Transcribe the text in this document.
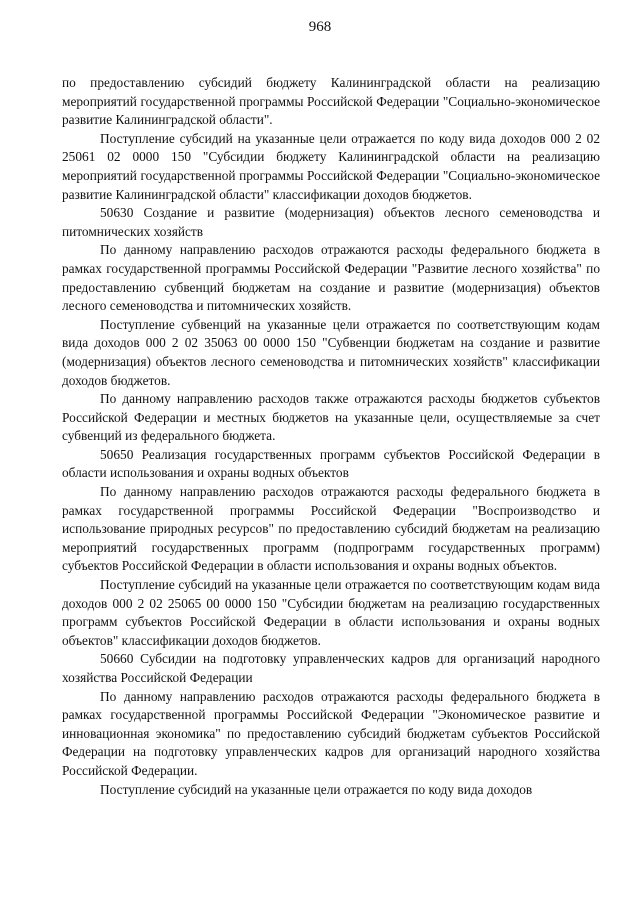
968

по предоставлению субсидий бюджету Калининградской области на реализацию мероприятий государственной программы Российской Федерации "Социально-экономическое развитие Калининградской области".

Поступление субсидий на указанные цели отражается по коду вида доходов 000 2 02 25061 02 0000 150 "Субсидии бюджету Калининградской области на реализацию мероприятий государственной программы Российской Федерации "Социально-экономическое развитие Калининградской области" классификации доходов бюджетов.

50630 Создание и развитие (модернизация) объектов лесного семеноводства и питомнических хозяйств

По данному направлению расходов отражаются расходы федерального бюджета в рамках государственной программы Российской Федерации "Развитие лесного хозяйства" по предоставлению субвенций бюджетам на создание и развитие (модернизация) объектов лесного семеноводства и питомнических хозяйств.

Поступление субвенций на указанные цели отражается по соответствующим кодам вида доходов 000 2 02 35063 00 0000 150 "Субвенции бюджетам на создание и развитие (модернизация) объектов лесного семеноводства и питомнических хозяйств" классификации доходов бюджетов.

По данному направлению расходов также отражаются расходы бюджетов субъектов Российской Федерации и местных бюджетов на указанные цели, осуществляемые за счет субвенций из федерального бюджета.

50650 Реализация государственных программ субъектов Российской Федерации в области использования и охраны водных объектов

По данному направлению расходов отражаются расходы федерального бюджета в рамках государственной программы Российской Федерации "Воспроизводство и использование природных ресурсов" по предоставлению субсидий бюджетам на реализацию мероприятий государственных программ (подпрограмм государственных программ) субъектов Российской Федерации в области использования и охраны водных объектов.

Поступление субсидий на указанные цели отражается по соответствующим кодам вида доходов 000 2 02 25065 00 0000 150 "Субсидии бюджетам на реализацию государственных программ субъектов Российской Федерации в области использования и охраны водных объектов" классификации доходов бюджетов.

50660 Субсидии на подготовку управленческих кадров для организаций народного хозяйства Российской Федерации

По данному направлению расходов отражаются расходы федерального бюджета в рамках государственной программы Российской Федерации "Экономическое развитие и инновационная экономика" по предоставлению субсидий бюджетам субъектов Российской Федерации на подготовку управленческих кадров для организаций народного хозяйства Российской Федерации.

Поступление субсидий на указанные цели отражается по коду вида доходов
